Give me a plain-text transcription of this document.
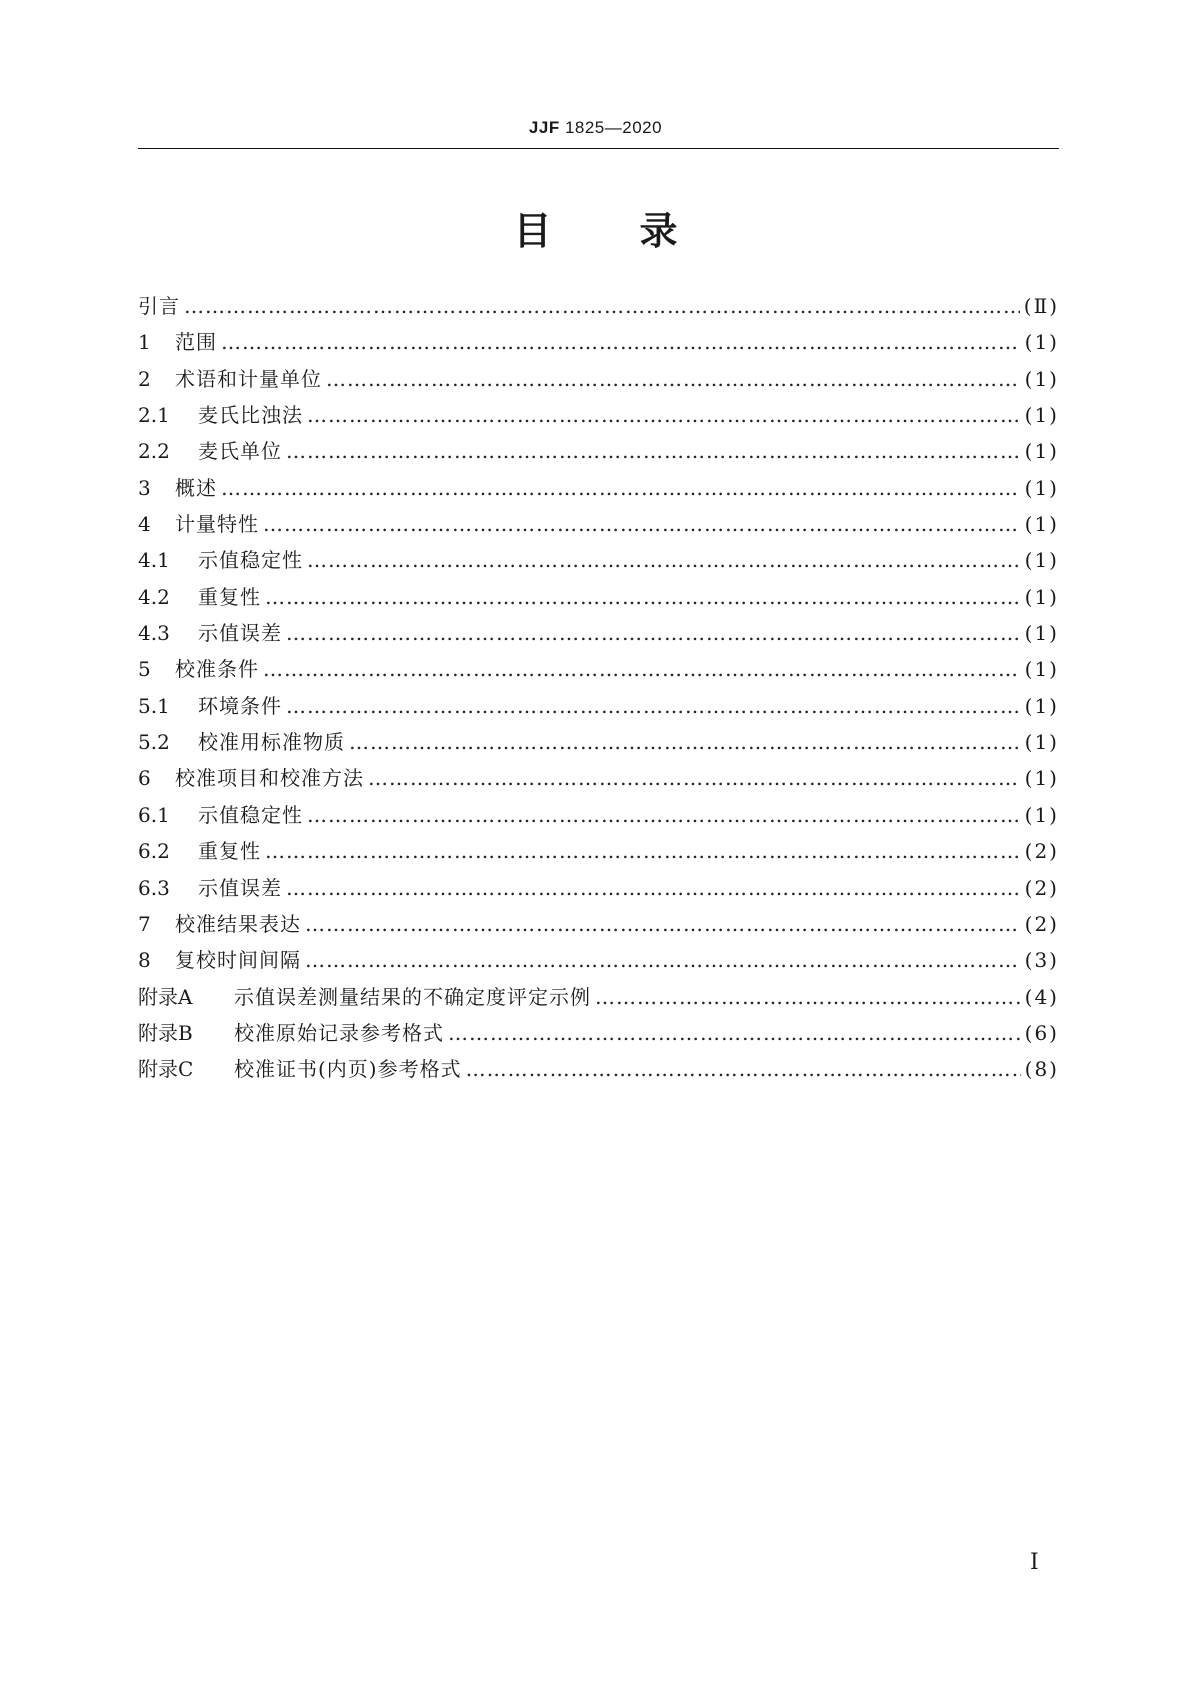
JJF 1825—2020
目 录
引言 ……………………………………………………………………………………………………………………………………………………	(Ⅱ)
1	范围 ……………………………………………………………………………………………………………………………………………………	(1)
2	术语和计量单位 ……………………………………………………………………………………………………………………………………………………	(1)
2.1	麦氏比浊法 ……………………………………………………………………………………………………………………………………………………	(1)
2.2	麦氏单位 ……………………………………………………………………………………………………………………………………………………	(1)
3	概述 ……………………………………………………………………………………………………………………………………………………	(1)
4	计量特性 ……………………………………………………………………………………………………………………………………………………	(1)
4.1	示值稳定性 ……………………………………………………………………………………………………………………………………………………	(1)
4.2	重复性 ……………………………………………………………………………………………………………………………………………………	(1)
4.3	示值误差 ……………………………………………………………………………………………………………………………………………………	(1)
5	校准条件 ……………………………………………………………………………………………………………………………………………………	(1)
5.1	环境条件 ……………………………………………………………………………………………………………………………………………………	(1)
5.2	校准用标准物质 ……………………………………………………………………………………………………………………………………………………	(1)
6	校准项目和校准方法 ……………………………………………………………………………………………………………………………………………………	(1)
6.1	示值稳定性 ……………………………………………………………………………………………………………………………………………………	(1)
6.2	重复性 ……………………………………………………………………………………………………………………………………………………	(2)
6.3	示值误差 ……………………………………………………………………………………………………………………………………………………	(2)
7	校准结果表达 ……………………………………………………………………………………………………………………………………………………	(2)
8	复校时间间隔 ……………………………………………………………………………………………………………………………………………………	(3)
附录A	示值误差测量结果的不确定度评定示例 ……………………………………………………………………………………………………………………………………………………	(4)
附录B	校准原始记录参考格式 ……………………………………………………………………………………………………………………………………………………	(6)
附录C	校准证书(内页)参考格式 ……………………………………………………………………………………………………………………………………………………	(8)
I
